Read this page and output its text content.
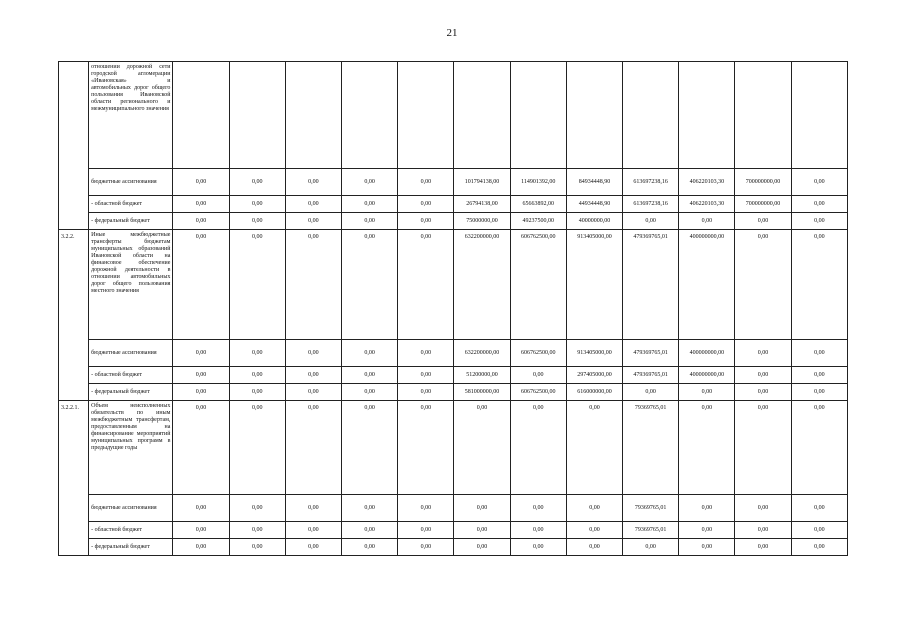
21
	отношении дорожной сети городской агломерации «Ивановская» и автомобильных дорог общего пользования Ивановской области регионального и межмуниципального значения												
	бюджетные ассигнования	0,00	0,00	0,00	0,00	0,00	101794138,00	114901392,00	84934448,90	613697238,16	406220103,30	700000000,00	0,00
	- областной бюджет	0,00	0,00	0,00	0,00	0,00	26794138,00	65663892,00	44934448,90	613697238,16	406220103,30	700000000,00	0,00
	- федеральный бюджет	0,00	0,00	0,00	0,00	0,00	75000000,00	49237500,00	40000000,00	0,00	0,00	0,00	0,00
3.2.2.	Иные межбюджетные трансферты бюджетам муниципальных образований Ивановской области на финансовое обеспечение дорожной деятельности в отношении автомобильных дорог общего пользования местного значения	0,00	0,00	0,00	0,00	0,00	632200000,00	606762500,00	913405000,00	479369765,01	400000000,00	0,00	0,00
	бюджетные ассигнования	0,00	0,00	0,00	0,00	0,00	632200000,00	606762500,00	913405000,00	479369765,01	400000000,00	0,00	0,00
	- областной бюджет	0,00	0,00	0,00	0,00	0,00	51200000,00	0,00	297405000,00	479369765,01	400000000,00	0,00	0,00
	- федеральный бюджет	0,00	0,00	0,00	0,00	0,00	581000000,00	606762500,00	616000000,00	0,00	0,00	0,00	0,00
3.2.2.1.	Объем неисполненных обязательств по иным межбюджетным трансфертам, предоставленным на финансирование мероприятий муниципальных программ в предыдущие годы	0,00	0,00	0,00	0,00	0,00	0,00	0,00	0,00	79369765,01	0,00	0,00	0,00
	бюджетные ассигнования	0,00	0,00	0,00	0,00	0,00	0,00	0,00	0,00	79369765,01	0,00	0,00	0,00
	- областной бюджет	0,00	0,00	0,00	0,00	0,00	0,00	0,00	0,00	79369765,01	0,00	0,00	0,00
	- федеральный бюджет	0,00	0,00	0,00	0,00	0,00	0,00	0,00	0,00	0,00	0,00	0,00	0,00
